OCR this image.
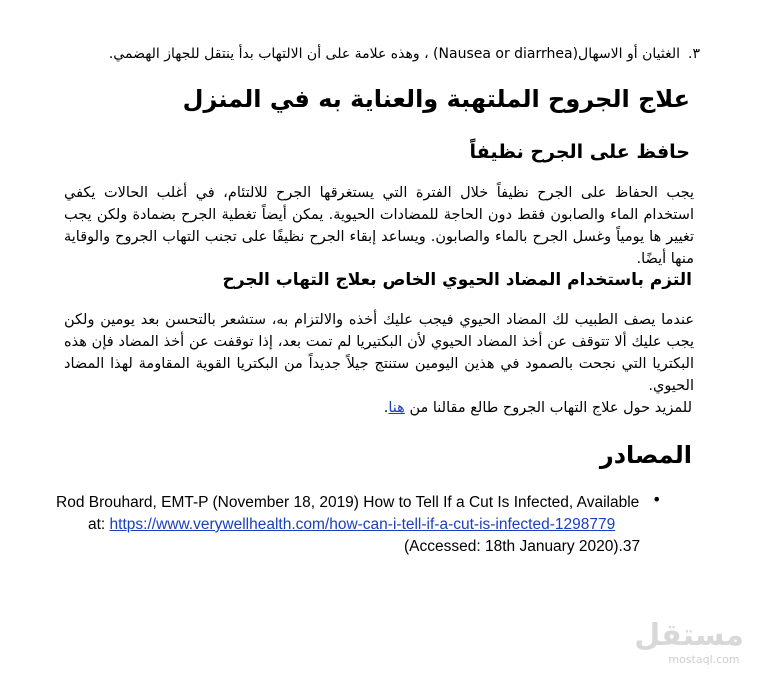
٣.الغثيان أو الاسهال(Nausea or diarrhea) ، وهذه علامة على أن الالتهاب بدأ ينتقل للجهاز الهضمي.
علاج الجروح الملتهبة والعناية به في المنزل
حافظ على الجرح نظيفاً
يجب الحفاظ على الجرح نظيفاً خلال الفترة التي يستغرقها الجرح للالتئام، في أغلب الحالات يكفي استخدام الماء والصابون فقط دون الحاجة للمضادات الحيوية. يمكن أيضاً تغطية الجرح بضمادة ولكن يجب تغيير ها يومياً وغسل الجرح بالماء والصابون. ويساعد إبقاء الجرح نظيفًا على تجنب التهاب الجروح والوقاية منها أيضًا.
التزم باستخدام المضاد الحيوي الخاص بعلاج التهاب الجرح
عندما يصف الطبيب لك المضاد الحيوي فيجب عليك أخذه والالتزام به، ستشعر بالتحسن بعد يومين ولكن يجب عليك ألا تتوقف عن أخذ المضاد الحيوي لأن البكتيريا لم تمت بعد، إذا توقفت عن أخذ المضاد فإن هذه البكتريا التي نجحت بالصمود في هذين اليومين ستنتج جيلاً جديداً من البكتريا القوية المقاومة لهذا المضاد الحيوي.
للمزيد حول علاج التهاب الجروح طالع مقالنا من هنا.
المصادر
•
Rod Brouhard, EMT-P (November 18, 2019) How to Tell If a Cut Is Infected, Available
at: https://www.verywellhealth.com/how-can-i-tell-if-a-cut-is-infected-1298779
(Accessed: 18th January 2020).37
مستقل
mostaql.com
